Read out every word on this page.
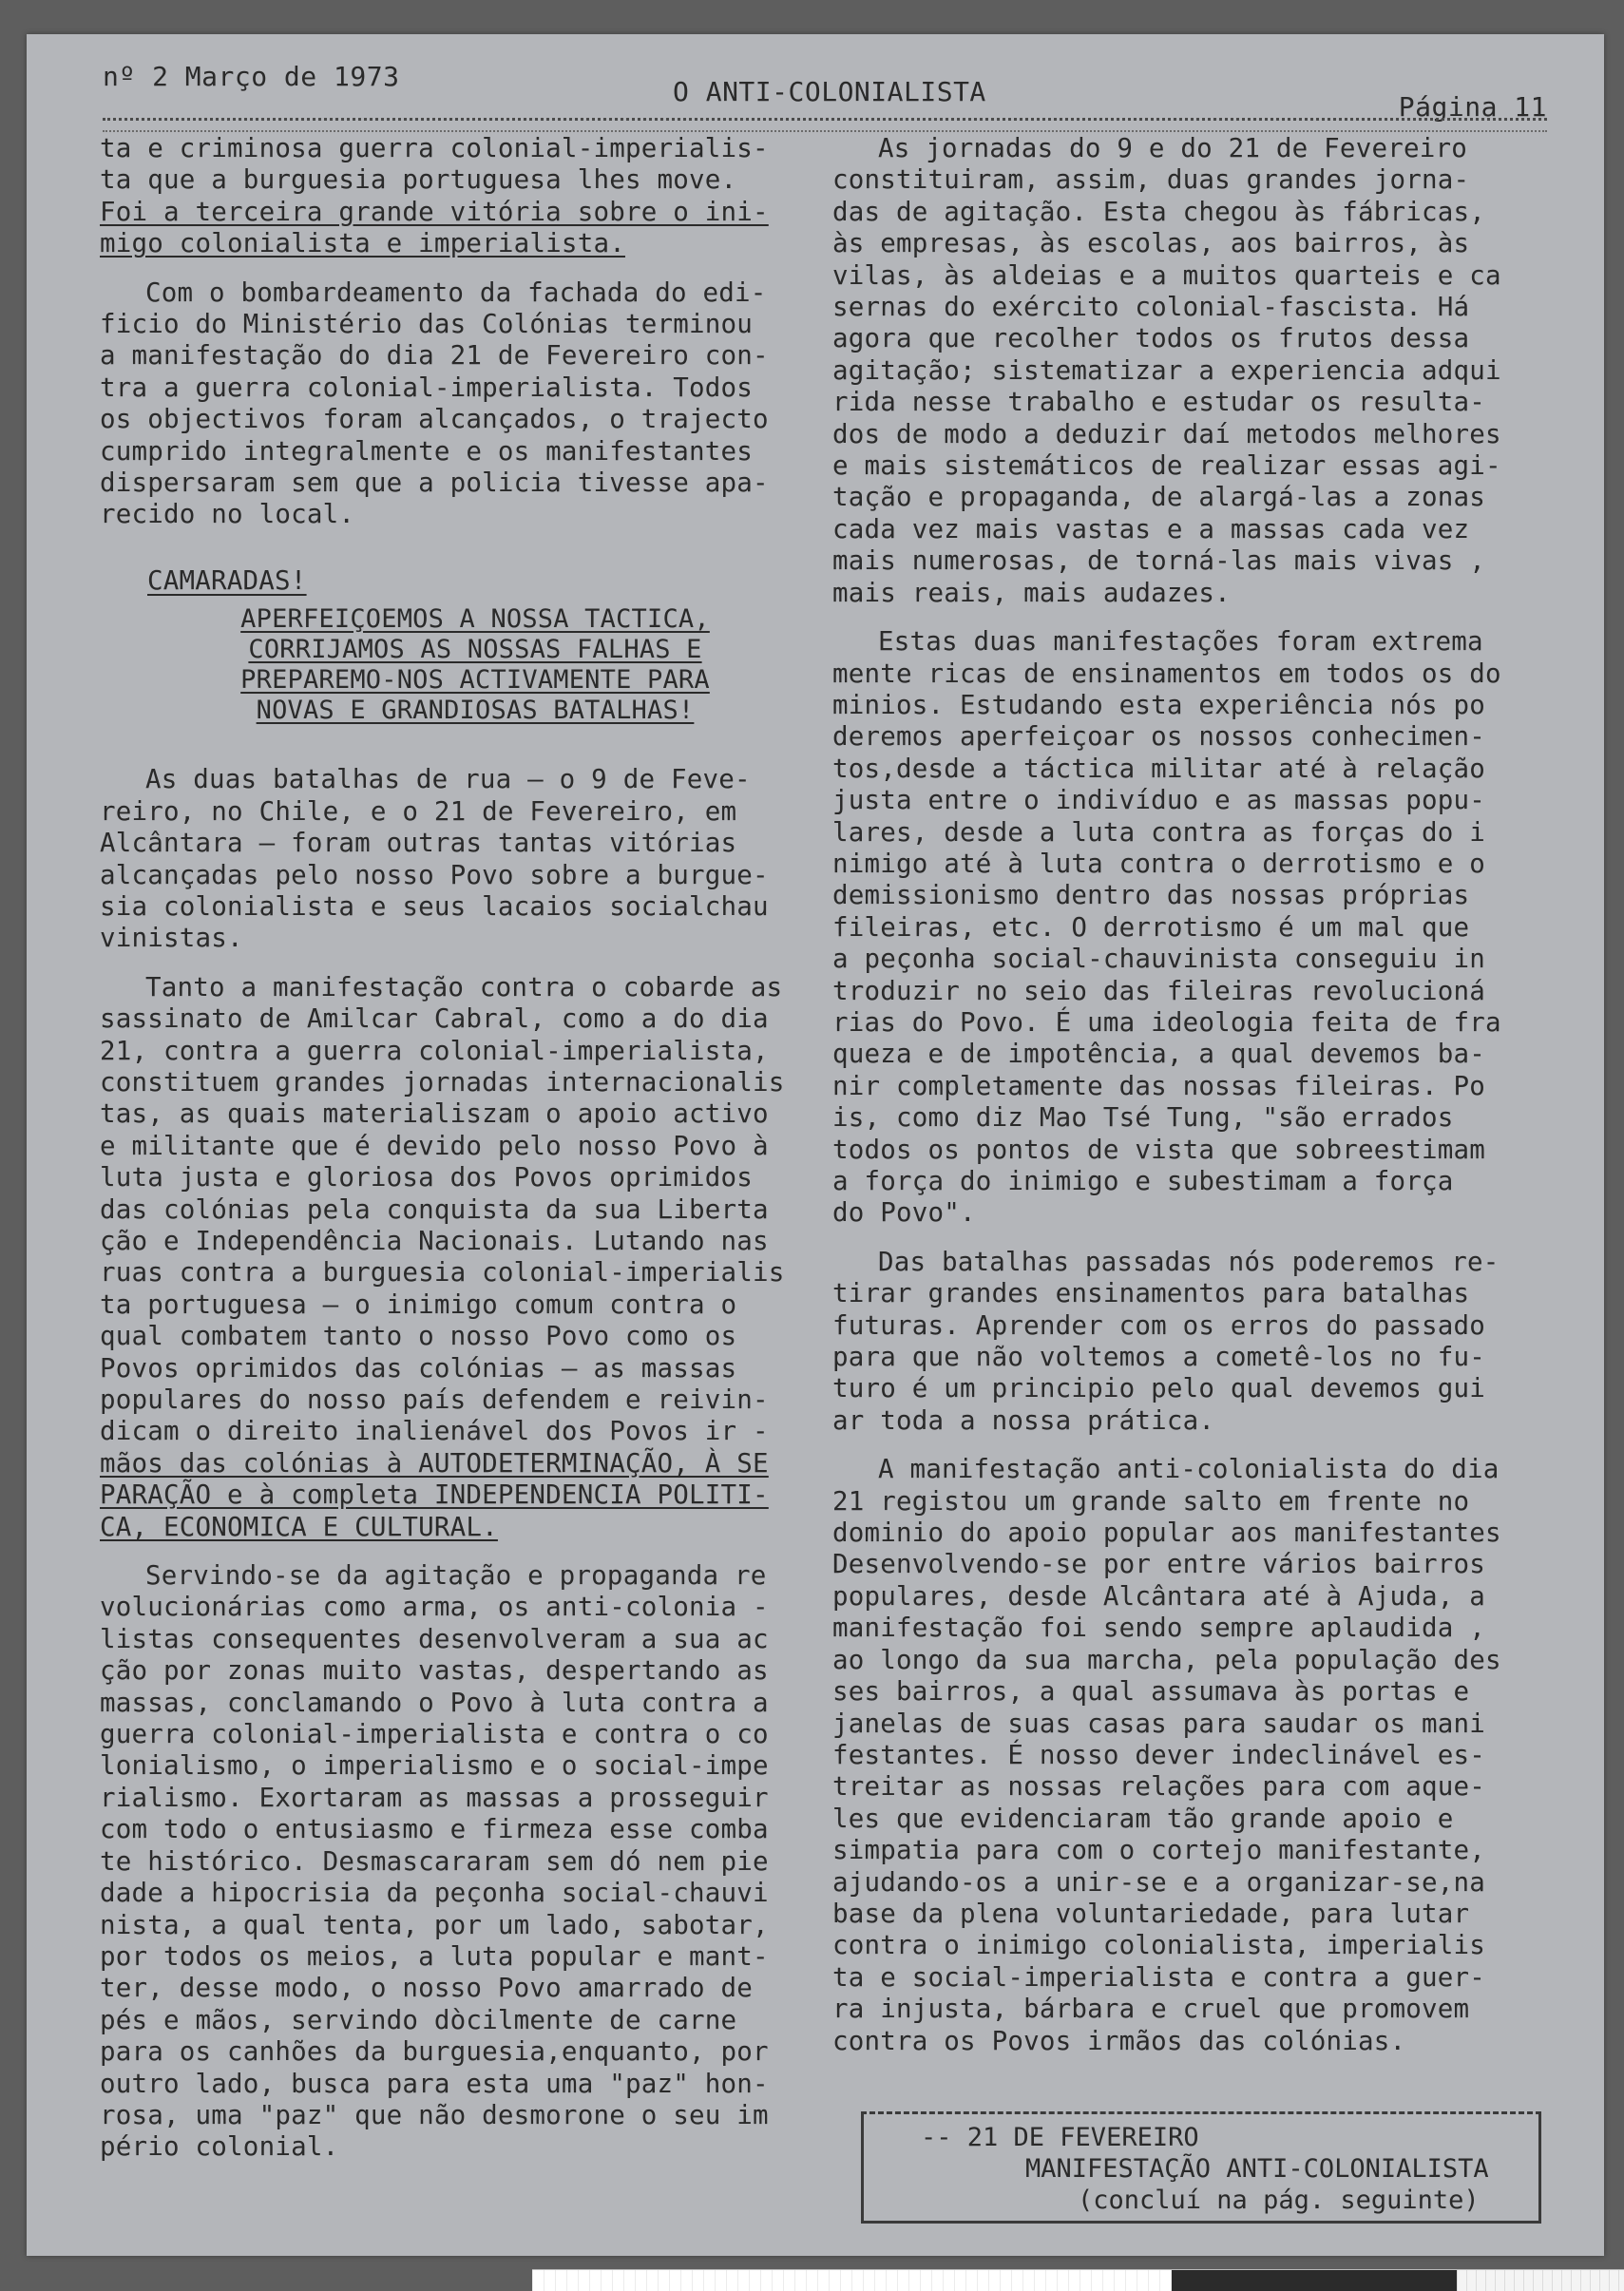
nº 2 Março de 1973	O ANTI-COLONIALISTA	Página 11

ta e criminosa guerra colonial-imperialis-
ta que a burguesia portuguesa lhes move.
Foi a terceira grande vitória sobre o ini-
migo colonialista e imperialista.

Com o bombardeamento da fachada do edi-
ficio do Ministério das Colónias terminou
a manifestação do dia 21 de Fevereiro con-
tra a guerra colonial-imperialista. Todos
os objectivos foram alcançados, o trajecto
cumprido integralmente e os manifestantes
dispersaram sem que a policia tivesse apa-
recido no local.

CAMARADAS!
APERFEIÇOEMOS A NOSSA TACTICA,
CORRIJAMOS AS NOSSAS FALHAS E
PREPAREMO-NOS ACTIVAMENTE PARA
NOVAS E GRANDIOSAS BATALHAS!

As duas batalhas de rua — o 9 de Feve-
reiro, no Chile, e o 21 de Fevereiro, em
Alcântara — foram outras tantas vitórias
alcançadas pelo nosso Povo sobre a burgue-
sia colonialista e seus lacaios socialchau
vinistas.

Tanto a manifestação contra o cobarde as
sassinato de Amilcar Cabral, como a do dia
21, contra a guerra colonial-imperialista,
constituem grandes jornadas internacionalis
tas, as quais materialiszam o apoio activo
e militante que é devido pelo nosso Povo à
luta justa e gloriosa dos Povos oprimidos
das colónias pela conquista da sua Liberta
ção e Independência Nacionais. Lutando nas
ruas contra a burguesia colonial-imperialis
ta portuguesa — o inimigo comum contra o
qual combatem tanto o nosso Povo como os
Povos oprimidos das colónias — as massas
populares do nosso país defendem e reivin-
dicam o direito inalienável dos Povos ir -
mãos das colónias à AUTODETERMINAÇÃO, À SE
PARAÇÃO e à completa INDEPENDENCIA POLITI-
CA, ECONOMICA E CULTURAL.

Servindo-se da agitação e propaganda re
volucionárias como arma, os anti-colonia -
listas consequentes desenvolveram a sua ac
ção por zonas muito vastas, despertando as
massas, conclamando o Povo à luta contra a
guerra colonial-imperialista e contra o co
lonialismo, o imperialismo e o social-impe
rialismo. Exortaram as massas a prosseguir
com todo o entusiasmo e firmeza esse comba
te histórico. Desmascararam sem dó nem pie
dade a hipocrisia da peçonha social-chauvi
nista, a qual tenta, por um lado, sabotar,
por todos os meios, a luta popular e mant-
ter, desse modo, o nosso Povo amarrado de
pés e mãos, servindo dòcilmente de carne
para os canhões da burguesia,enquanto, por
outro lado, busca para esta uma "paz" hon-
rosa, uma "paz" que não desmorone o seu im
pério colonial.

As jornadas do 9 e do 21 de Fevereiro
constituiram, assim, duas grandes jorna-
das de agitação. Esta chegou às fábricas,
às empresas, às escolas, aos bairros, às
vilas, às aldeias e a muitos quarteis e ca
sernas do exército colonial-fascista. Há
agora que recolher todos os frutos dessa
agitação; sistematizar a experiencia adqui
rida nesse trabalho e estudar os resulta-
dos de modo a deduzir daí metodos melhores
e mais sistemáticos de realizar essas agi-
tação e propaganda, de alargá-las a zonas
cada vez mais vastas e a massas cada vez
mais numerosas, de torná-las mais vivas ,
mais reais, mais audazes.

Estas duas manifestações foram extrema
mente ricas de ensinamentos em todos os do
minios. Estudando esta experiência nós po
deremos aperfeiçoar os nossos conhecimen-
tos,desde a táctica militar até à relação
justa entre o indivíduo e as massas popu-
lares, desde a luta contra as forças do i
nimigo até à luta contra o derrotismo e o
demissionismo dentro das nossas próprias
fileiras, etc. O derrotismo é um mal que
a peçonha social-chauvinista conseguiu in
troduzir no seio das fileiras revolucioná
rias do Povo. É uma ideologia feita de fra
queza e de impotência, a qual devemos ba-
nir completamente das nossas fileiras. Po
is, como diz Mao Tsé Tung, "são errados
todos os pontos de vista que sobreestimam
a força do inimigo e subestimam a força
do Povo".

Das batalhas passadas nós poderemos re-
tirar grandes ensinamentos para batalhas
futuras. Aprender com os erros do passado
para que não voltemos a cometê-los no fu-
turo é um principio pelo qual devemos gui
ar toda a nossa prática.

A manifestação anti-colonialista do dia
21 registou um grande salto em frente no
dominio do apoio popular aos manifestantes
Desenvolvendo-se por entre vários bairros
populares, desde Alcântara até à Ajuda, a
manifestação foi sendo sempre aplaudida ,
ao longo da sua marcha, pela população des
ses bairros, a qual assumava às portas e
janelas de suas casas para saudar os mani
festantes. É nosso dever indeclinável es-
treitar as nossas relações para com aque-
les que evidenciaram tão grande apoio e
simpatia para com o cortejo manifestante,
ajudando-os a unir-se e a organizar-se,na
base da plena voluntariedade, para lutar
contra o inimigo colonialista, imperialis
ta e social-imperialista e contra a guer-
ra injusta, bárbara e cruel que promovem
contra os Povos irmãos das colónias.

-- 21 DE FEVEREIRO
MANIFESTAÇÃO ANTI-COLONIALISTA
(concluí na pág. seguinte)
